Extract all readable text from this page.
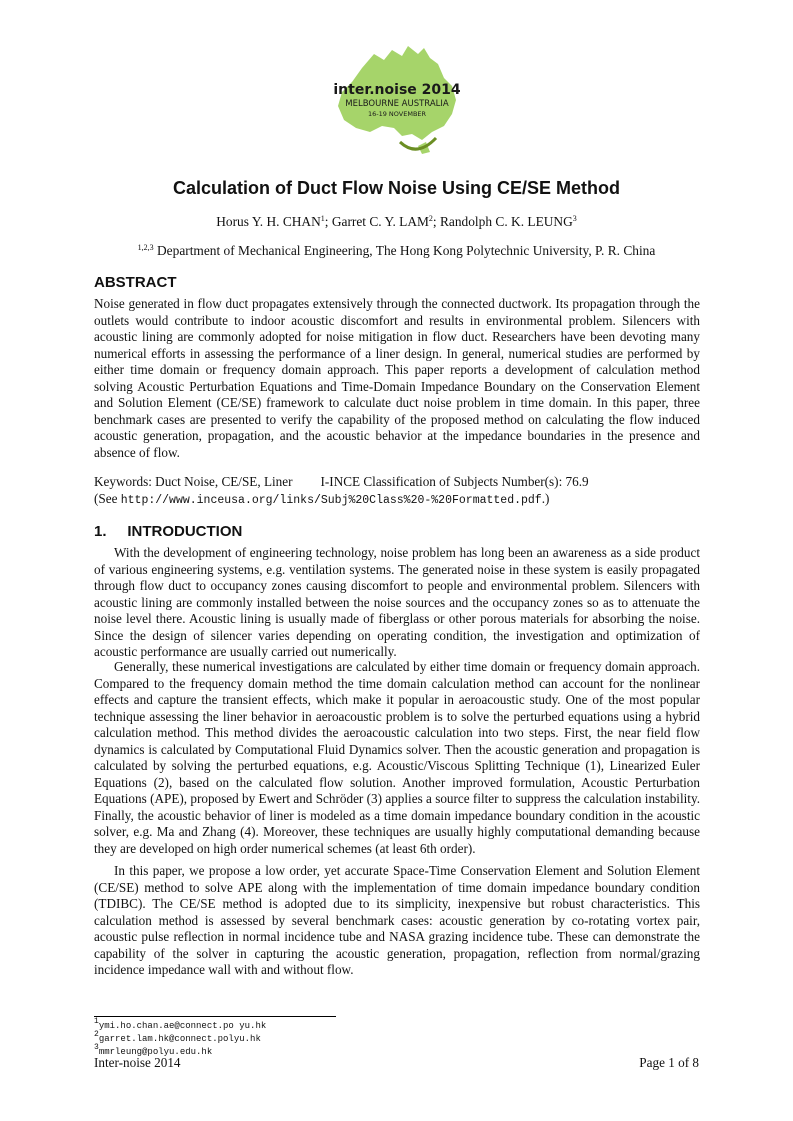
inter.noise 2014
MELBOURNE AUSTRALIA
16-19 NOVEMBER
Calculation of Duct Flow Noise Using CE/SE Method
Horus Y. H. CHAN$^1$; Garret C. Y. LAM$^2$; Randolph C. K. LEUNG$^3$
$^{1,2,3}$ Department of Mechanical Engineering, The Hong Kong Polytechnic University, P. R. China
ABSTRACT

Noise generated in flow duct propagates extensively through the connected ductwork. Its propagation through the outlets would contribute to indoor acoustic discomfort and results in environmental problem. Silencers with acoustic lining are commonly adopted for noise mitigation in flow duct. Researchers have been devoting many numerical efforts in assessing the performance of a liner design. In general, numerical studies are performed by either time domain or frequency domain approach. This paper reports a development of calculation method solving Acoustic Perturbation Equations and Time-Domain Impedance Boundary on the Conservation Element and Solution Element (CE/SE) framework to calculate duct noise problem in time domain. In this paper, three benchmark cases are presented to verify the capability of the proposed method on calculating the flow induced acoustic generation, propagation, and the acoustic behavior at the impedance boundaries in the presence and absence of flow.

Keywords: Duct Noise, CE/SE, Liner I-INCE Classification of Subjects Number(s): 76.9
(See http://www.inceusa.org/links/Subj%20Class%20-%20Formatted.pdf.)
1.     INTRODUCTION

With the development of engineering technology, noise problem has long been an awareness as a side product of various engineering systems, e.g. ventilation systems. The generated noise in these system is easily propagated through flow duct to occupancy zones causing discomfort to people and environmental problem. Silencers with acoustic lining are commonly installed between the noise sources and the occupancy zones so as to attenuate the noise level there. Acoustic lining is usually made of fiberglass or other porous materials for absorbing the noise. Since the design of silencer varies depending on operating condition, the investigation and optimization of acoustic performance are usually carried out numerically.

Generally, these numerical investigations are calculated by either time domain or frequency domain approach. Compared to the frequency domain method the time domain calculation method can account for the nonlinear effects and capture the transient effects, which make it popular in aeroacoustic study. One of the most popular technique assessing the liner behavior in aeroacoustic problem is to solve the perturbed equations using a hybrid calculation method. This method divides the aeroacoustic calculation into two steps. First, the near field flow dynamics is calculated by Computational Fluid Dynamics solver. Then the acoustic generation and propagation is calculated by solving the perturbed equations, e.g. Acoustic/Viscous Splitting Technique (1), Linearized Euler Equations (2), based on the calculated flow solution. Another improved formulation, Acoustic Perturbation Equations (APE), proposed by Ewert and Schröder (3) applies a source filter to suppress the calculation instability. Finally, the acoustic behavior of liner is modeled as a time domain impedance boundary condition in the acoustic solver, e.g. Ma and Zhang (4). Moreover, these techniques are usually highly computational demanding because they are developed on high order numerical schemes (at least 6th order).

In this paper, we propose a low order, yet accurate Space-Time Conservation Element and Solution Element (CE/SE) method to solve APE along with the implementation of time domain impedance boundary condition (TDIBC). The CE/SE method is adopted due to its simplicity, inexpensive but robust characteristics. This calculation method is assessed by several benchmark cases: acoustic generation by co-rotating vortex pair, acoustic pulse reflection in normal incidence tube and NASA grazing incidence tube. These can demonstrate the capability of the solver in capturing the acoustic generation, propagation, reflection from normal/grazing incidence impedance wall with and without flow.

$^1$ymi.ho.chan.ae@connect.po yu.hk
$^2$garret.lam.hk@connect.polyu.hk
$^3$mmrleung@polyu.edu.hk
Inter-noise 2014	Page 1 of 8
